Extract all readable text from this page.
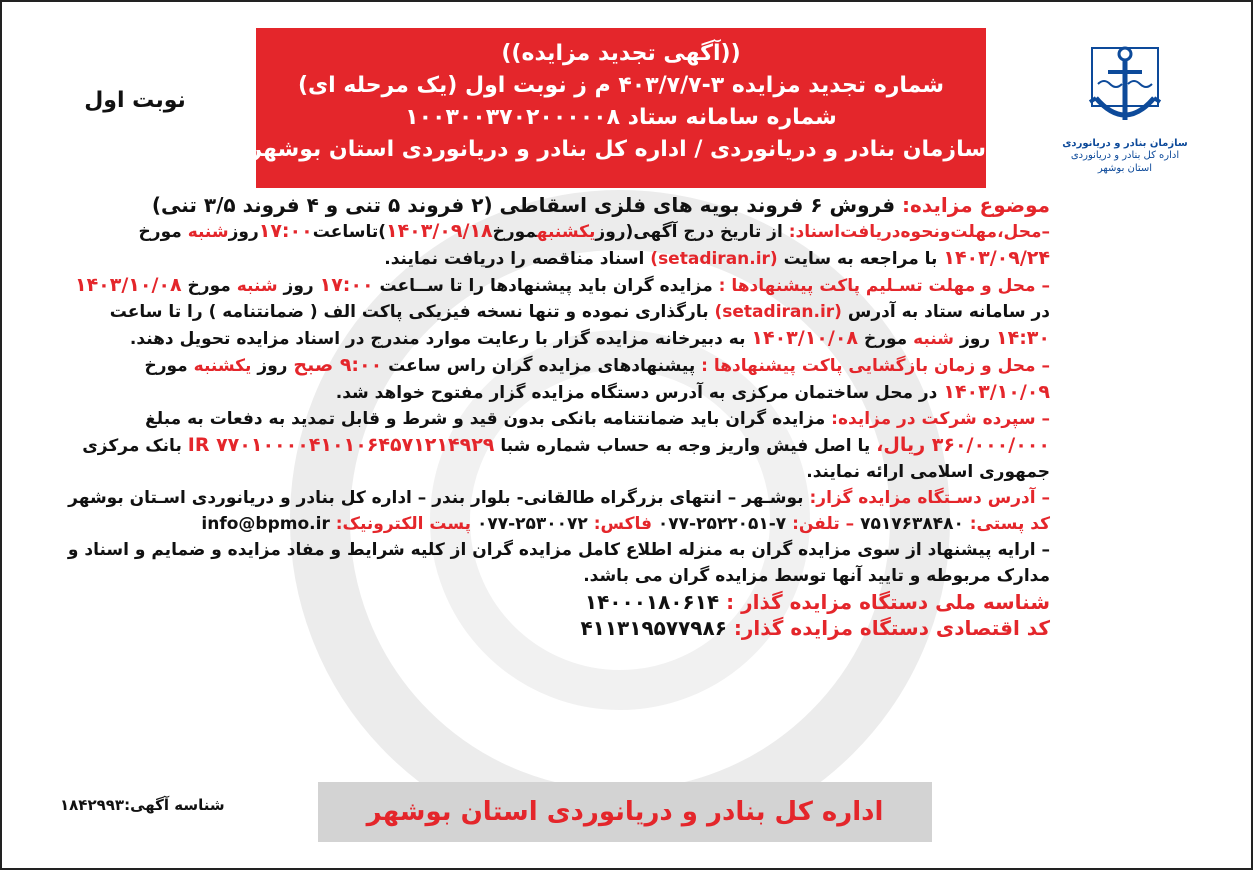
((آگهی تجدید مزایده))
شماره تجدید مزایده ۳-۴۰۳/۷/۷ م ز نوبت اول (یک مرحله ای)
شماره سامانه ستاد ۱۰۰۳۰۰۳۷۰۲۰۰۰۰۰۸
سازمان بنادر و دریانوردی / اداره کل بنادر و دریانوردی استان بوشهر
نوبت اول
سازمان بنادر و دریانوردی
اداره کل بنادر و دریانوردی
استان بوشهر

موضوع مزایده: فروش ۶ فروند بویه های فلزی اسقاطی (۲ فروند ۵ تنی و ۴ فروند ۳/۵ تنی)

–محل،مهلت‌ونحوه‌دریافت‌اسناد: از تاریخ درج آگهی(روزیکشنبهمورخ۱۴۰۳/۰۹/۱۸)تاساعت۱۷:۰۰روزشنبه مورخ ۱۴۰۳/۰۹/۲۴ با مراجعه به سایت (setadiran.ir) اسناد مناقصه را دریافت نمایند.

– محل و مهلت تسـلیم پاکت پیشنهادها : مزایده گران باید پیشنهادها را تا ســاعت ۱۷:۰۰ روز شنبه مورخ ۱۴۰۳/۱۰/۰۸ در سامانه ستاد به آدرس (setadiran.ir) بارگذاری نموده و تنها نسخه فیزیکی پاکت الف ( ضمانتنامه ) را تا ساعت ۱۴:۳۰ روز شنبه مورخ ۱۴۰۳/۱۰/۰۸ به دبیرخانه مزایده گزار با رعایت موارد مندرج در اسناد مزایده تحویل دهند.

– محل و زمان بازگشایی پاکت پیشنهادها : پیشنهادهای مزایده گران راس ساعت ۹:۰۰ صبح روز یکشنبه مورخ ۱۴۰۳/۱۰/۰۹ در محل ساختمان مرکزی به آدرس دستگاه مزایده گزار مفتوح خواهد شد.

– سپرده شرکت در مزایده: مزایده گران باید ضمانتنامه بانکی بدون قید و شرط و قابل تمدید به دفعات به مبلغ ۳۶۰/۰۰۰/۰۰۰ ریال، یا اصل فیش واریز وجه به حساب شماره شبا IR ۷۷۰۱۰۰۰۰۴۱۰۱۰۶۴۵۷۱۲۱۴۹۲۹ بانک مرکزی جمهوری اسلامی ارائه نمایند.

– آدرس دسـتگاه مزایده گزار: بوشـهر – انتهای بزرگراه طالقانی- بلوار بندر – اداره کل بنادر و دریانوردی اسـتان بوشهر

کد پستی: ۷۵۱۷۶۳۸۴۸۰ – تلفن: ۰۷۷-۲۵۲۲۰۵۱-۷ فاکس: ۰۷۷-۲۵۳۰۰۷۲ پست الکترونیک: info@bpmo.ir

– ارایه پیشنهاد از سوی مزایده گران به منزله اطلاع کامل مزایده گران از کلیه شرایط و مفاد مزایده و ضمایم و اسناد و مدارک مربوطه و تایید آنها توسط مزایده گران می باشد.

شناسه ملی دستگاه مزایده گذار : ۱۴۰۰۰۱۸۰۶۱۴

کد اقتصادی دستگاه مزایده گذار: ۴۱۱۳۱۹۵۷۷۹۸۶

شناسه آگهی:۱۸۴۲۹۹۳	اداره کل بنادر و دریانوردی استان بوشهر
